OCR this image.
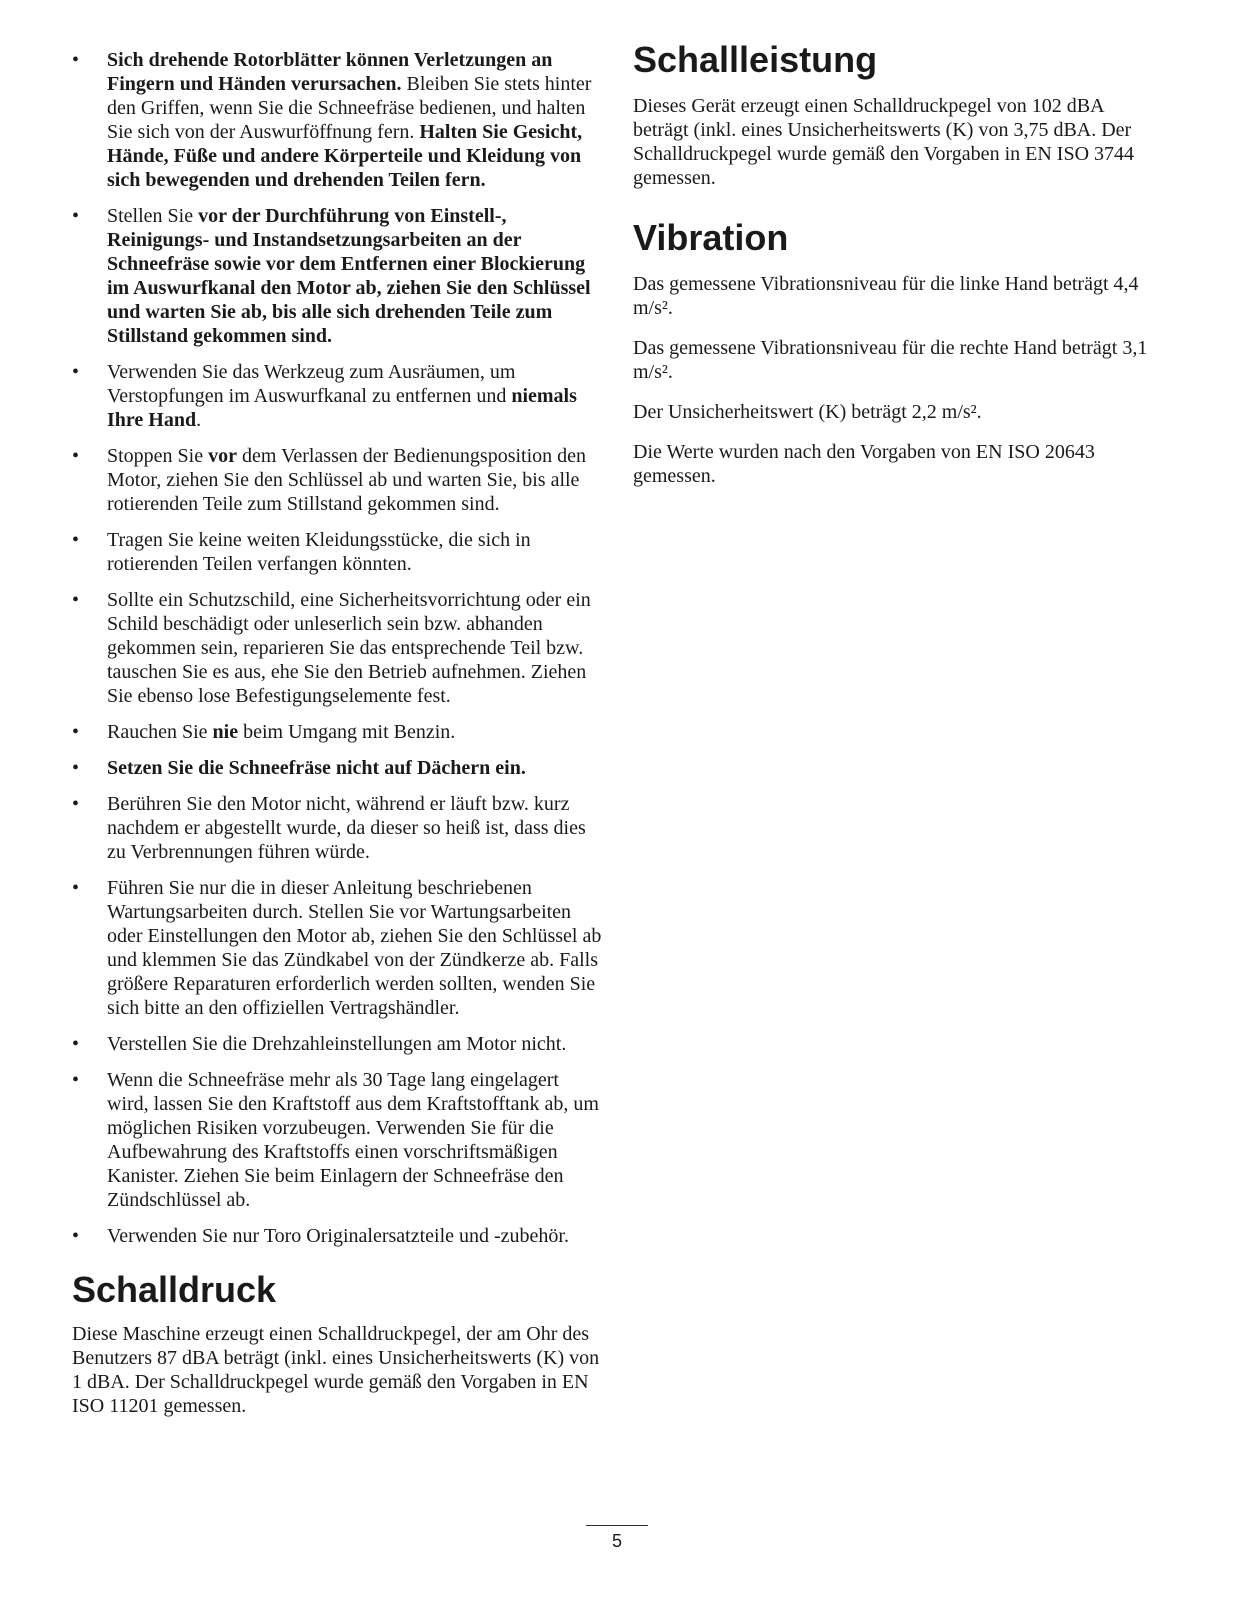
• Sich drehende Rotorblätter können Verletzungen an Fingern und Händen verursachen. Bleiben Sie stets hinter den Griffen, wenn Sie die Schneefräse bedienen, und halten Sie sich von der Auswurföffnung fern. Halten Sie Gesicht, Hände, Füße und andere Körperteile und Kleidung von sich bewegenden und drehenden Teilen fern.
• Stellen Sie vor der Durchführung von Einstell-, Reinigungs- und Instandsetzungsarbeiten an der Schneefräse sowie vor dem Entfernen einer Blockierung im Auswurfkanal den Motor ab, ziehen Sie den Schlüssel und warten Sie ab, bis alle sich drehenden Teile zum Stillstand gekommen sind.
• Verwenden Sie das Werkzeug zum Ausräumen, um Verstopfungen im Auswurfkanal zu entfernen und niemals Ihre Hand.
• Stoppen Sie vor dem Verlassen der Bedienungsposition den Motor, ziehen Sie den Schlüssel ab und warten Sie, bis alle rotierenden Teile zum Stillstand gekommen sind.
• Tragen Sie keine weiten Kleidungsstücke, die sich in rotierenden Teilen verfangen könnten.
• Sollte ein Schutzschild, eine Sicherheitsvorrichtung oder ein Schild beschädigt oder unleserlich sein bzw. abhanden gekommen sein, reparieren Sie das entsprechende Teil bzw. tauschen Sie es aus, ehe Sie den Betrieb aufnehmen. Ziehen Sie ebenso lose Befestigungselemente fest.
• Rauchen Sie nie beim Umgang mit Benzin.
• Setzen Sie die Schneefräse nicht auf Dächern ein.
• Berühren Sie den Motor nicht, während er läuft bzw. kurz nachdem er abgestellt wurde, da dieser so heiß ist, dass dies zu Verbrennungen führen würde.
• Führen Sie nur die in dieser Anleitung beschriebenen Wartungsarbeiten durch. Stellen Sie vor Wartungsarbeiten oder Einstellungen den Motor ab, ziehen Sie den Schlüssel ab und klemmen Sie das Zündkabel von der Zündkerze ab. Falls größere Reparaturen erforderlich werden sollten, wenden Sie sich bitte an den offiziellen Vertragshändler.
• Verstellen Sie die Drehzahleinstellungen am Motor nicht.
• Wenn die Schneefräse mehr als 30 Tage lang eingelagert wird, lassen Sie den Kraftstoff aus dem Kraftstofftank ab, um möglichen Risiken vorzubeugen. Verwenden Sie für die Aufbewahrung des Kraftstoffs einen vorschriftsmäßigen Kanister. Ziehen Sie beim Einlagern der Schneefräse den Zündschlüssel ab.
• Verwenden Sie nur Toro Originalersatzteile und -zubehör.
Schalldruck

Diese Maschine erzeugt einen Schalldruckpegel, der am Ohr des Benutzers 87 dBA beträgt (inkl. eines Unsicherheitswerts (K) von 1 dBA. Der Schalldruckpegel wurde gemäß den Vorgaben in EN ISO 11201 gemessen.

Schallleistung

Dieses Gerät erzeugt einen Schalldruckpegel von 102 dBA beträgt (inkl. eines Unsicherheitswerts (K) von 3,75 dBA. Der Schalldruckpegel wurde gemäß den Vorgaben in EN ISO 3744 gemessen.

Vibration

Das gemessene Vibrationsniveau für die linke Hand beträgt 4,4 m/s².

Das gemessene Vibrationsniveau für die rechte Hand beträgt 3,1 m/s².

Der Unsicherheitswert (K) beträgt 2,2 m/s².

Die Werte wurden nach den Vorgaben von EN ISO 20643 gemessen.

5
